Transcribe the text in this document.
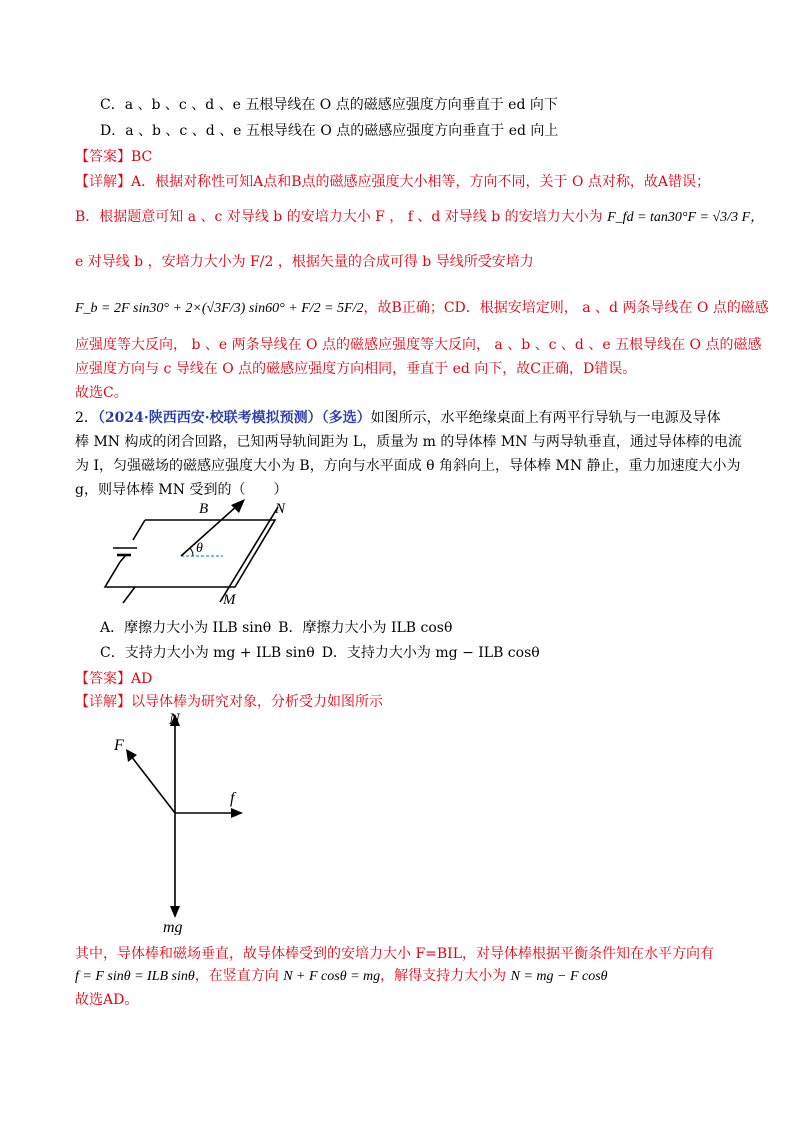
C．a 、b 、c 、d 、e 五根导线在 O 点的磁感应强度方向垂直于 ed 向下
D．a 、b 、c 、d 、e 五根导线在 O 点的磁感应强度方向垂直于 ed 向上
【答案】BC
【详解】A．根据对称性可知A点和B点的磁感应强度大小相等，方向不同，关于 O 点对称，故A错误；
B．根据题意可知 a 、c 对导线 b 的安培力大小 F ， f 、d 对导线 b 的安培力大小为 F_fd = tan30°F = √3/3 F，
e 对导线 b ，安培力大小为 F/2 ，根据矢量的合成可得 b 导线所受安培力
F_b = 2F sin30° + 2×(√3F/3) sin60° + F/2 = 5F/2，故B正确；CD．根据安培定则， a 、d 两条导线在 O 点的磁感
应强度等大反向， b 、e 两条导线在 O 点的磁感应强度等大反向， a 、b 、c 、d 、e 五根导线在 O 点的磁感
应强度方向与 c 导线在 O 点的磁感应强度方向相同，垂直于 ed 向下，故C正确，D错误。
故选C。
2．（2024·陕西西安·校联考模拟预测）（多选）如图所示，水平绝缘桌面上有两平行导轨与一电源及导体
棒 MN 构成的闭合回路，已知两导轨间距为 L，质量为 m 的导体棒 MN 与两导轨垂直，通过导体棒的电流
为 I，匀强磁场的磁感应强度大小为 B，方向与水平面成 θ 角斜向上，导体棒 MN 静止，重力加速度大小为
g，则导体棒 MN 受到的（　　）
B	N
M
θ
A．摩擦力大小为 ILB sinθ  B．摩擦力大小为 ILB cosθ
C．支持力大小为 mg + ILB sinθ  D．支持力大小为 mg − ILB cosθ
【答案】AD
【详解】以导体棒为研究对象，分析受力如图所示
N
F
f
mg
其中，导体棒和磁场垂直，故导体棒受到的安培力大小 F=BIL，对导体棒根据平衡条件知在水平方向有
f = F sinθ = ILB sinθ，在竖直方向 N + F cosθ = mg，解得支持力大小为 N = mg − F cosθ
故选AD。
